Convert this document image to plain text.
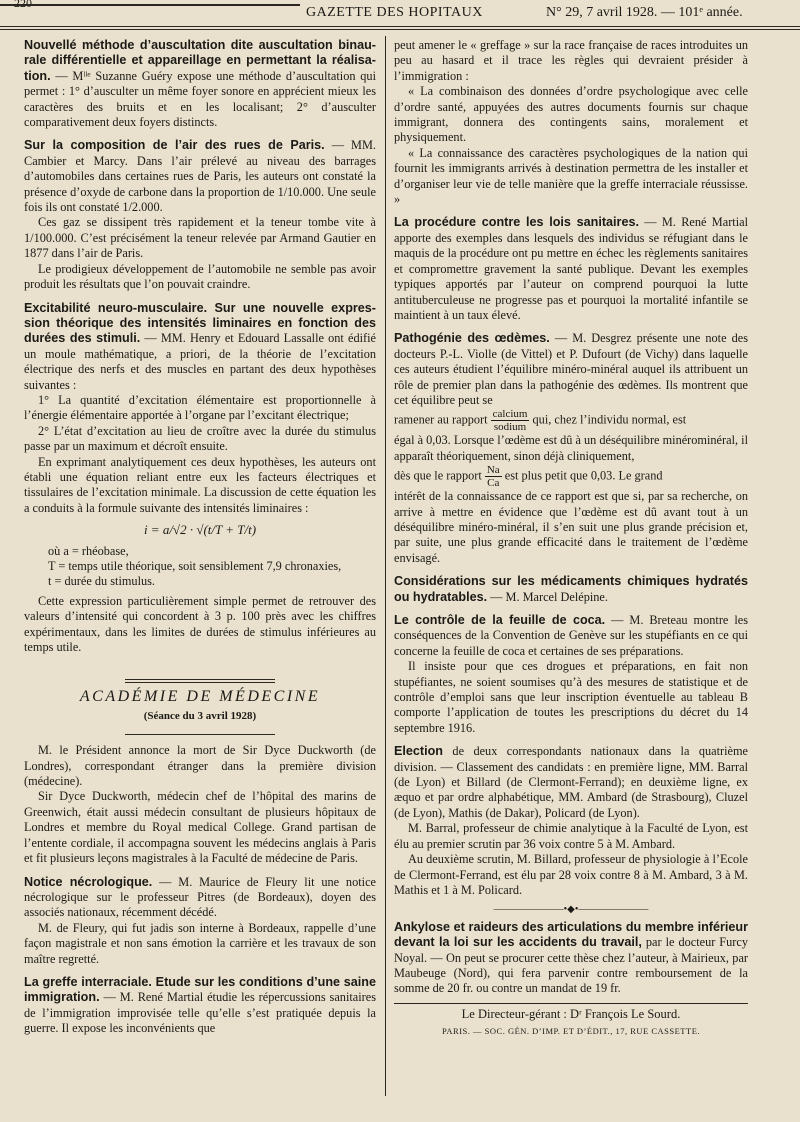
GAZETTE DES HOPITAUX	N° 29, 7 avril 1928. — 101ᵉ année.

Nouvellé méthode d’auscultation dite auscultation binaurale différentielle et appareillage en permettant la réalisation. — Mˡˡᵉ Suzanne Guéry expose une méthode d’auscultation qui permet : 1° d’ausculter un même foyer sonore en apprécient mieux les caractères des bruits et en les localisant; 2° d’ausculter comparativement deux foyers distincts.

Sur la composition de l’air des rues de Paris. — MM. Cambier et Marcy. Dans l’air prélevé au niveau des barrages d’automobiles dans certaines rues de Paris, les auteurs ont constaté la présence d’oxyde de carbone dans la proportion de 1/10.000. Une seule fois ils ont constaté 1/2.000.

Ces gaz se dissipent très rapidement et la teneur tombe vite à 1/100.000. C’est précisément la teneur relevée par Armand Gautier en 1877 dans l’air de Paris.

Le prodigieux développement de l’automobile ne semble pas avoir produit les résultats que l’on pouvait craindre.

Excitabilité neuro-musculaire. Sur une nouvelle expression théorique des intensités liminaires en fonction des durées des stimuli. — MM. Henry et Edouard Lassalle ont édifié un moule mathématique, a priori, de la théorie de l’excitation électrique des nerfs et des muscles en partant des deux hypothèses suivantes :

1° La quantité d’excitation élémentaire est proportionnelle à l’énergie élémentaire apportée à l’organe par l’excitant électrique;

2° L’état d’excitation au lieu de croître avec la durée du stimulus passe par un maximum et décroît ensuite.

En exprimant analytiquement ces deux hypothèses, les auteurs ont établi une équation reliant entre eux les facteurs électriques et tissulaires de l’excitation minimale. La discussion de cette équation les a conduits à la formule suivante des intensités liminaires :

i = a/√2 · √(t/T + T/t)
où a = rhéobase,
T = temps utile théorique, soit sensiblement 7,9 chronaxies,
t = durée du stimulus.

Cette expression particulièrement simple permet de retrouver des valeurs d’intensité qui concordent à 3 p. 100 près avec les chiffres expérimentaux, dans les limites de durées de stimulus inférieures au temps utile.

ACADÉMIE DE MÉDECINE
(Séance du 3 avril 1928)

M. le Président annonce la mort de Sir Dyce Duckworth (de Londres), correspondant étranger dans la première division (médecine).

Sir Dyce Duckworth, médecin chef de l’hôpital des marins de Greenwich, était aussi médecin consultant de plusieurs hôpitaux de Londres et membre du Royal medical College. Grand partisan de l’entente cordiale, il accompagna souvent les médecins anglais à Paris et fit plusieurs leçons magistrales à la Faculté de médecine de Paris.

Notice nécrologique. — M. Maurice de Fleury lit une notice nécrologique sur le professeur Pitres (de Bordeaux), doyen des associés nationaux, récemment décédé.

M. de Fleury, qui fut jadis son interne à Bordeaux, rappelle d’une façon magistrale et non sans émotion la carrière et les travaux de son maître regretté.

La greffe interraciale. Etude sur les conditions d’une saine immigration. — M. René Martial étudie les répercussions sanitaires de l’immigration improvisée telle qu’elle s’est pratiquée depuis la guerre. Il expose les inconvénients que

peut amener le « greffage » sur la race française de races introduites un peu au hasard et il trace les règles qui devraient présider à l’immigration :

« La combinaison des données d’ordre psychologique avec celle d’ordre santé, appuyées des autres documents fournis sur chaque immigrant, donnera des contingents sains, moralement et physiquement.

« La connaissance des caractères psychologiques de la nation qui fournit les immigrants arrivés à destination permettra de les installer et d’organiser leur vie de telle manière que la greffe interraciale réussisse. »

La procédure contre les lois sanitaires. — M. René Martial apporte des exemples dans lesquels des individus se réfugiant dans le maquis de la procédure ont pu mettre en échec les règlements sanitaires et compromettre gravement la santé publique. Devant les exemples typiques apportés par l’auteur on comprend pourquoi la lutte antituberculeuse ne progresse pas et pourquoi la mortalité infantile se maintient à un taux élevé.

Pathogénie des œdèmes. — M. Desgrez présente une note des docteurs P.-L. Violle (de Vittel) et P. Dufourt (de Vichy) dans laquelle ces auteurs étudient l’équilibre minéro-minéral auquel ils attribuent un rôle de premier plan dans la pathogénie des œdèmes. Ils montrent que cet équilibre peut se

ramener au rapport $\frac{\text{calcium}}{\text{sodium}}$ qui, chez l’individu normal, est

égal à 0,03. Lorsque l’œdème est dû à un déséquilibre minérominéral, il apparaît théoriquement, sinon déjà cliniquement,

dès que le rapport $\frac{Na}{Ca}$ est plus petit que 0,03. Le grand

intérêt de la connaissance de ce rapport est que si, par sa recherche, on arrive à mettre en évidence que l’œdème est dû avant tout à un déséquilibre minéro-minéral, il s’en suit une plus grande précision et, par suite, une plus grande efficacité dans le traitement de l’œdème envisagé.

Considérations sur les médicaments chimiques hydratés ou hydratables. — M. Marcel Delépine.

Le contrôle de la feuille de coca. — M. Breteau montre les conséquences de la Convention de Genève sur les stupéfiants en ce qui concerne la feuille de coca et certaines de ses préparations.

Il insiste pour que ces drogues et préparations, en fait non stupéfiantes, ne soient soumises qu’à des mesures de statistique et de contrôle d’emploi sans que leur inscription éventuelle au tableau B comporte l’application de toutes les prescriptions du décret du 14 septembre 1916.

Election de deux correspondants nationaux dans la quatrième division. — Classement des candidats : en première ligne, MM. Barral (de Lyon) et Billard (de Clermont-Ferrand); en deuxième ligne, ex æquo et par ordre alphabétique, MM. Ambard (de Strasbourg), Cluzel (de Lyon), Mathis (de Dakar), Policard (de Lyon).

M. Barral, professeur de chimie analytique à la Faculté de Lyon, est élu au premier scrutin par 36 voix contre 5 à M. Ambard.

Au deuxième scrutin, M. Billard, professeur de physiologie à l’Ecole de Clermont-Ferrand, est élu par 28 voix contre 8 à M. Ambard, 3 à M. Mathis et 1 à M. Policard.

———————•◆•———————

Ankylose et raideurs des articulations du membre inférieur devant la loi sur les accidents du travail, par le docteur Furcy Noyal. — On peut se procurer cette thèse chez l’auteur, à Mairieux, par Maubeuge (Nord), qui fera parvenir contre remboursement de la somme de 20 fr. ou contre un mandat de 19 fr.

Le Directeur-gérant : Dʳ François Le Sourd.
PARIS. — SOC. GÉN. D’IMP. ET D’ÉDIT., 17, RUE CASSETTE.
